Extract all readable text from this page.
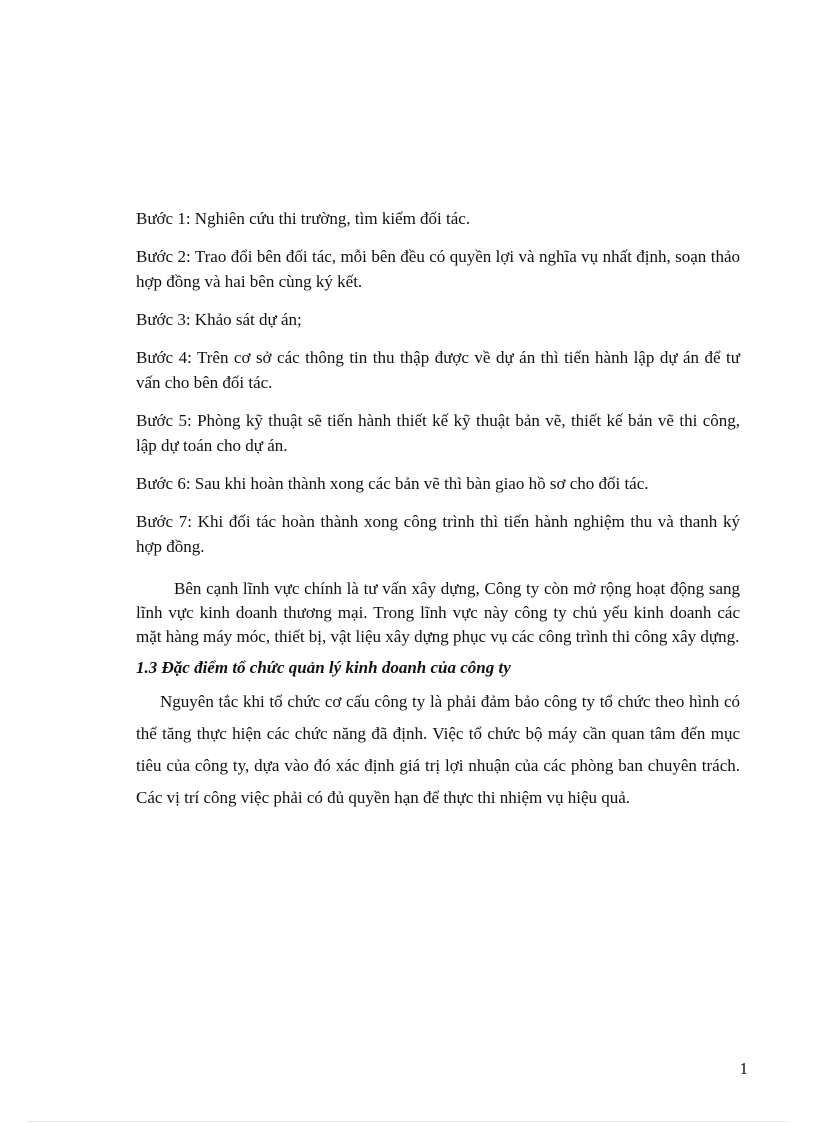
Bước 1: Nghiên cứu thi trường, tìm kiếm đối tác.

Bước 2: Trao đổi bên đối tác, mỗi bên đều có quyền lợi và nghĩa vụ nhất định, soạn thảo hợp đồng và hai bên cùng ký kết.

Bước 3: Khảo sát dự án;

Bước 4: Trên cơ sở các thông tin thu thập được về dự án thì tiến hành lập dự án để tư vấn cho bên đối tác.

Bước 5: Phòng kỹ thuật sẽ tiến hành thiết kế kỹ thuật bản vẽ, thiết kế bản vẽ thi công, lập dự toán cho dự án.

Bước 6: Sau khi hoàn thành xong các bản vẽ thì bàn giao hồ sơ cho đối tác.

Bước 7: Khi đối tác hoàn thành xong công trình thì tiến hành nghiệm thu và thanh ký hợp đồng.

Bên cạnh lĩnh vực chính là tư vấn xây dựng, Công ty còn mở rộng hoạt động sang lĩnh vực kinh doanh thương mại. Trong lĩnh vực này công ty chủ yếu kinh doanh các mặt hàng máy móc, thiết bị, vật liệu xây dựng phục vụ các công trình thi công xây dựng.

1.3 Đặc điểm tổ chức quản lý kinh doanh của công ty

Nguyên tắc khi tổ chức cơ cấu công ty là phải đảm bảo công ty tổ chức theo hình có thể tăng thực hiện các chức năng đã định. Việc tổ chức bộ máy cần quan tâm đến mục tiêu của công ty, dựa vào đó xác định giá trị lợi nhuận của các phòng ban chuyên trách. Các vị trí công việc phải có đủ quyền hạn để thực thi nhiệm vụ hiệu quả.

1
